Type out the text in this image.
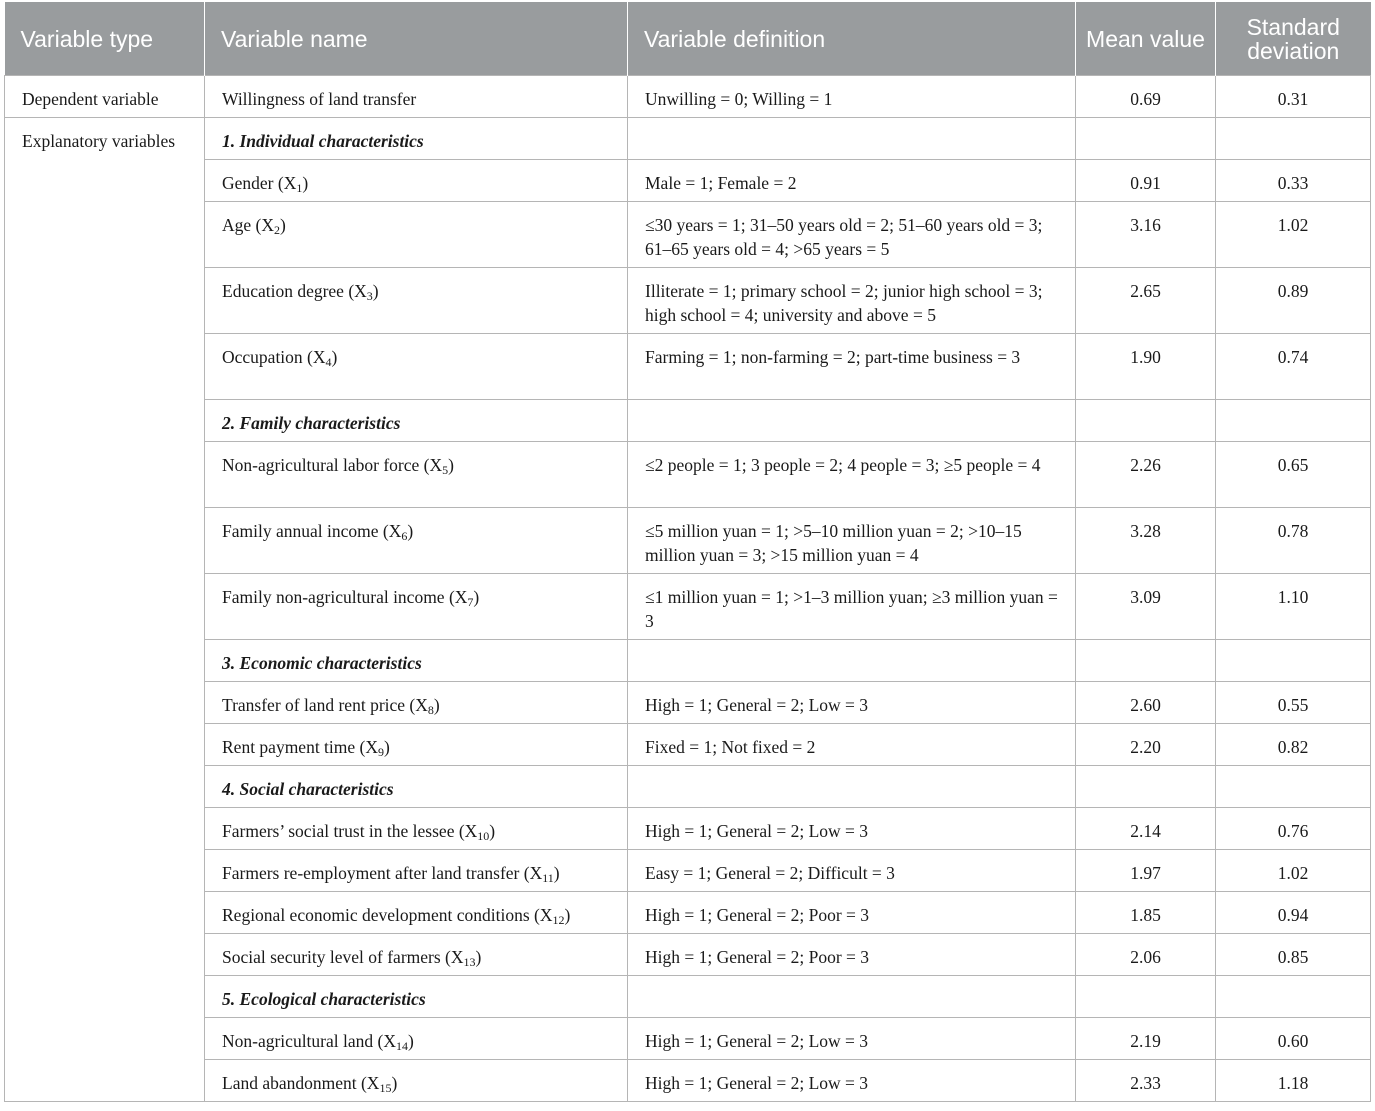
Variable type	Variable name	Variable definition	Mean value	Standard deviation
Dependent variable	Willingness of land transfer	Unwilling = 0; Willing = 1	0.69	0.31
Explanatory variables	1. Individual characteristics			
	Gender $(X_1)$	Male = 1; Female = 2	0.91	0.33
	Age $(X_2)$	≤30 years = 1; 31–50 years old = 2; 51–60 years old = 3; 61–65 years old = 4; >65 years = 5	3.16	1.02
	Education degree $(X_3)$	Illiterate = 1; primary school = 2; junior high school = 3; high school = 4; university and above = 5	2.65	0.89
	Occupation $(X_4)$	Farming = 1; non-farming = 2; part-time business = 3	1.90	0.74
	2. Family characteristics			
	Non-agricultural labor force $(X_5)$	≤2 people = 1; 3 people = 2; 4 people = 3; ≥5 people = 4	2.26	0.65
	Family annual income $(X_6)$	≤5 million yuan = 1; >5–10 million yuan = 2; >10–15 million yuan = 3; >15 million yuan = 4	3.28	0.78
	Family non-agricultural income $(X_7)$	≤1 million yuan = 1; >1–3 million yuan; ≥3 million yuan = 3	3.09	1.10
	3. Economic characteristics			
	Transfer of land rent price $(X_8)$	High = 1; General = 2; Low = 3	2.60	0.55
	Rent payment time $(X_9)$	Fixed = 1; Not fixed = 2	2.20	0.82
	4. Social characteristics			
	Farmers’ social trust in the lessee $(X_{10})$	High = 1; General = 2; Low = 3	2.14	0.76
	Farmers re-employment after land transfer $(X_{11})$	Easy = 1; General = 2; Difficult = 3	1.97	1.02
	Regional economic development conditions $(X_{12})$	High = 1; General = 2; Poor = 3	1.85	0.94
	Social security level of farmers $(X_{13})$	High = 1; General = 2; Poor = 3	2.06	0.85
	5. Ecological characteristics			
	Non-agricultural land $(X_{14})$	High = 1; General = 2; Low = 3	2.19	0.60
	Land abandonment $(X_{15})$	High = 1; General = 2; Low = 3	2.33	1.18
